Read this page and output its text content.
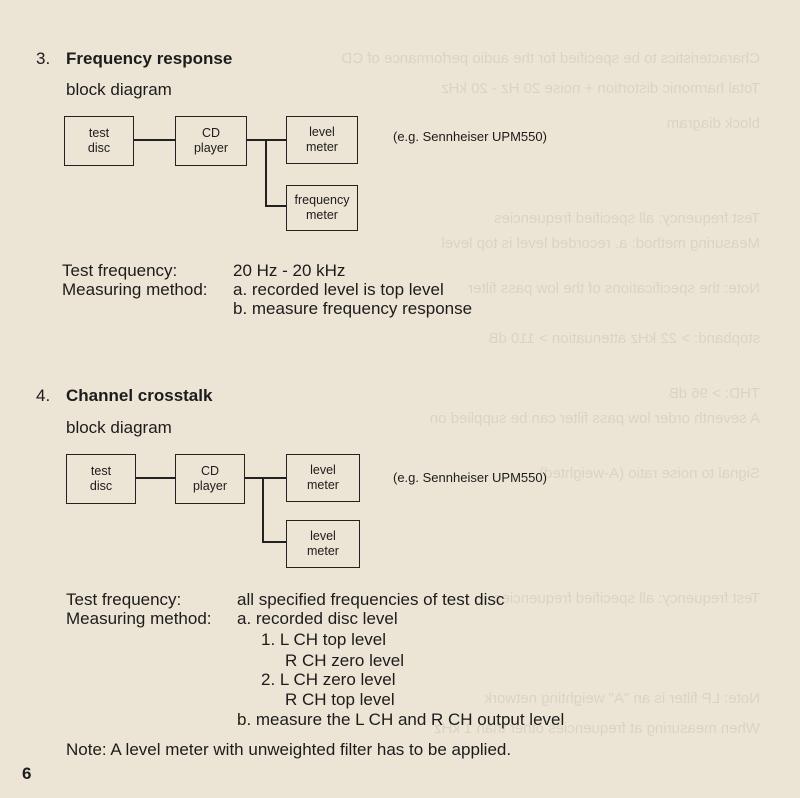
Characteristics to be specified for the audio performance of CD
Total harmonic distortion + noise 20 Hz - 20 kHz
block diagram
Test frequency: all specified frequencies
Measuring method: a. recorded level is top level
Note: the specifications of the low pass filter
stopband: > 22 kHz attenuation > 110 dB
THD: > 96 dB
A seventh order low pass filter can be supplied on
Signal to noise ratio (A-weighted)
Test frequency: all specified frequencies
Note: LP filter is an "A" weighting network
When measuring at frequencies other than 1 kHz
3. Frequency response
block diagram
test
disc
CD
player
level
meter
frequency
meter
(e.g. Sennheiser UPM550)
Test frequency:	20 Hz - 20 kHz
Measuring method: a. recorded level is top level
b. measure frequency response
4. Channel crosstalk
block diagram
test
disc
CD
player
level
meter
level
meter
(e.g. Sennheiser UPM550)
Test frequency:	all specified frequencies of test disc
Measuring method: a. recorded disc level
1. L CH top level
R CH zero level
2. L CH zero level
R CH top level
b. measure the L CH and R CH output level
Note: A level meter with unweighted filter has to be applied.
6
